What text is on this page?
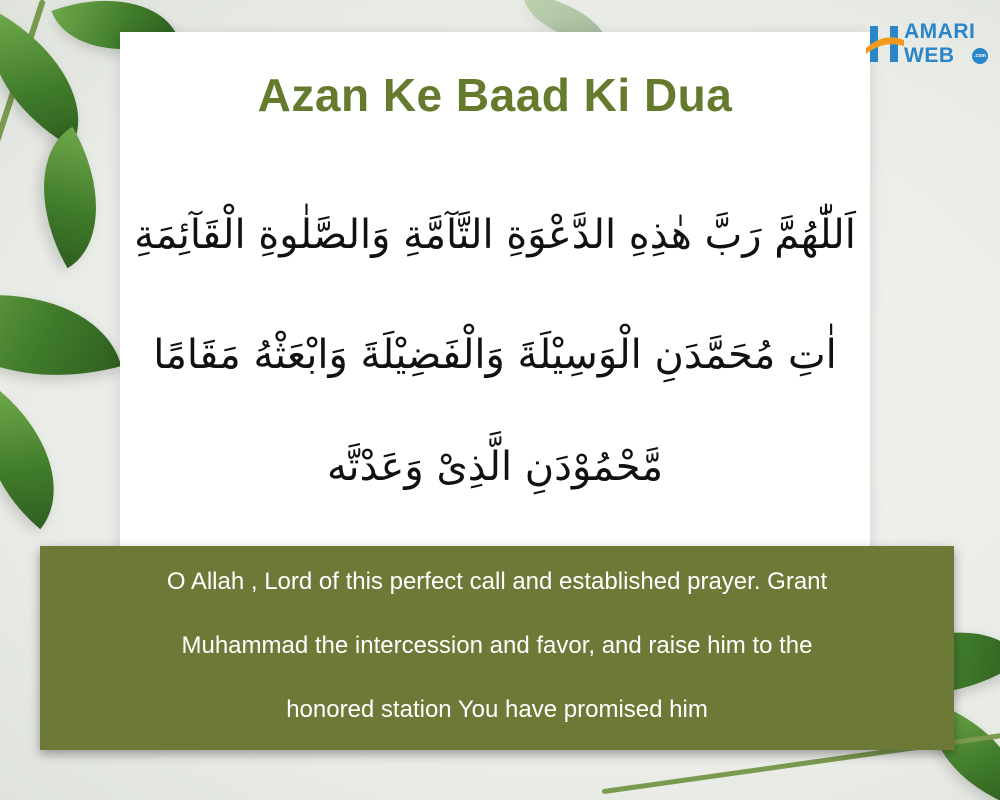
AMARI
WEB	.com
Azan Ke Baad Ki Dua
اَللّٰهُمَّ رَبَّ هٰذِهِ الدَّعْوَةِ التَّآمَّةِ وَالصَّلٰوةِ الْقَآئِمَةِ
اٰتِ مُحَمَّدَنِ الْوَسِيْلَةَ وَالْفَضِيْلَةَ وَابْعَثْهُ مَقَامًا
مَّحْمُوْدَنِ الَّذِىْ وَعَدْتَّه
O Allah , Lord of this perfect call and established prayer. Grant
Muhammad the intercession and favor, and raise him to the
honored station You have promised him
